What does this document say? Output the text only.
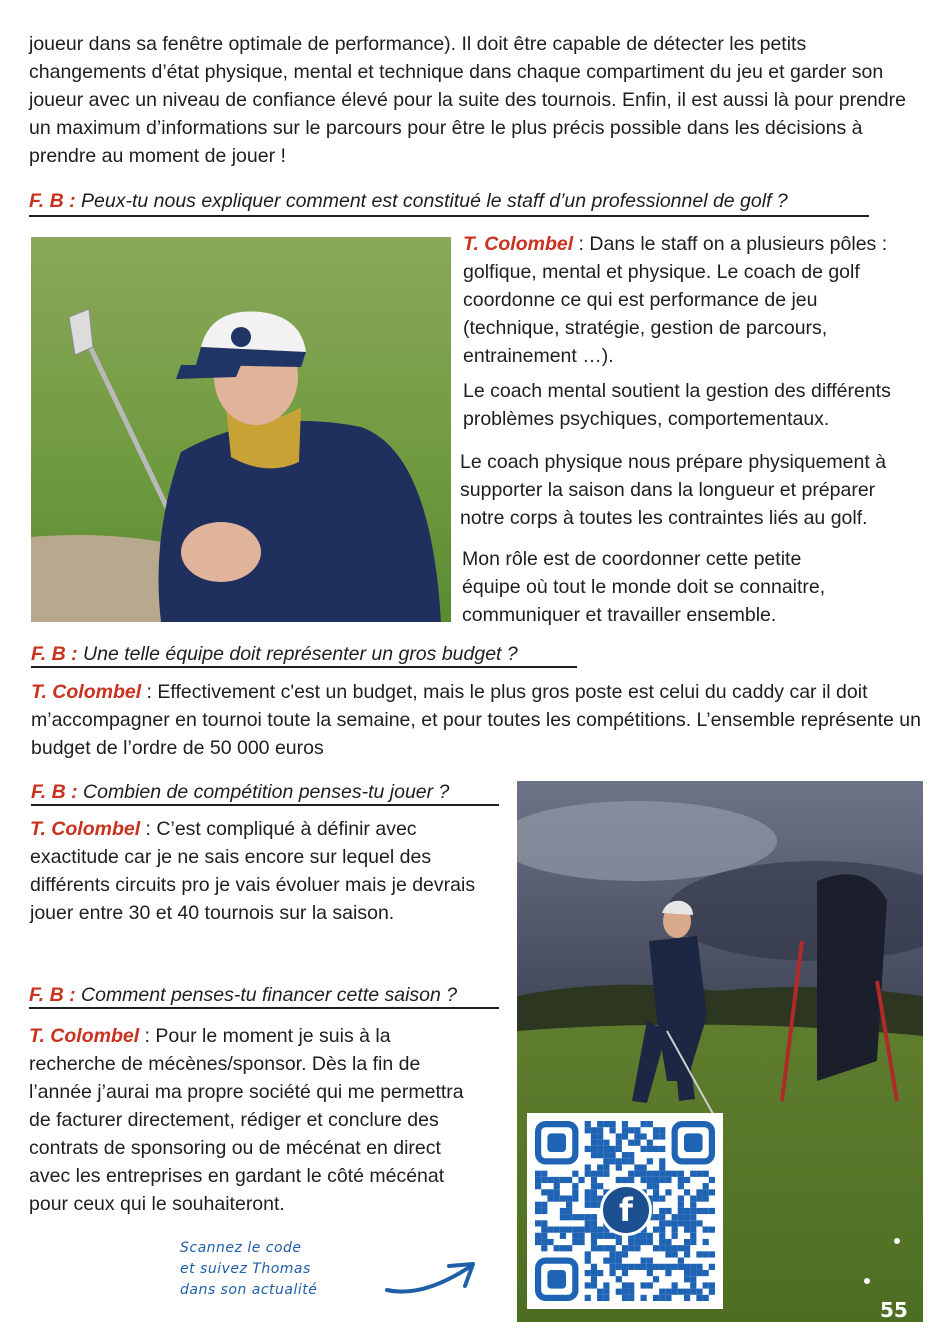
joueur dans sa fenêtre optimale de performance). Il doit être capable de détecter les petits changements d’état physique, mental et technique dans chaque compartiment du jeu et garder son joueur avec un niveau de confiance élevé pour la suite des tournois. Enfin, il est aussi là pour prendre un maximum d’informations sur le parcours pour être le plus précis possible dans les décisions à prendre au moment de jouer !

F. B : Peux-tu nous expliquer comment est constitué le staff d’un professionnel de golf ?

T. Colombel : Dans le staff on a plusieurs pôles : golfique, mental et physique. Le coach de golf coordonne ce qui est performance de jeu (technique, stratégie, gestion de parcours, entrainement …).

Le coach mental soutient la gestion des différents problèmes psychiques, comportementaux.

Le coach physique nous prépare physiquement à supporter la saison dans la longueur et préparer notre corps à toutes les contraintes liés au golf.

Mon rôle est de coordonner cette petite équipe où tout le monde doit se connaitre, communiquer et travailler ensemble.

F. B : Une telle équipe doit représenter un gros budget ?

T. Colombel : Effectivement c'est un budget, mais le plus gros poste est celui du caddy car il doit m’accompagner en tournoi toute la semaine, et pour toutes les compétitions. L’ensemble représente un budget de l’ordre de 50 000 euros

F. B : Combien de compétition penses-tu jouer ?

T. Colombel : C’est compliqué à définir avec exactitude car je ne sais encore sur lequel des différents circuits pro je vais évoluer mais je devrais jouer entre 30 et 40 tournois sur la saison.

F. B : Comment penses-tu financer cette saison ?

T. Colombel : Pour le moment je suis à la recherche de mécènes/sponsor. Dès la fin de l’année j’aurai ma propre société qui me permettra de facturer directement, rédiger et conclure des contrats de sponsoring ou de mécénat en direct avec les entreprises en gardant le côté mécénat pour ceux qui le souhaiteront.

Scannez le code
et suivez Thomas
dans son actualité
f
55
